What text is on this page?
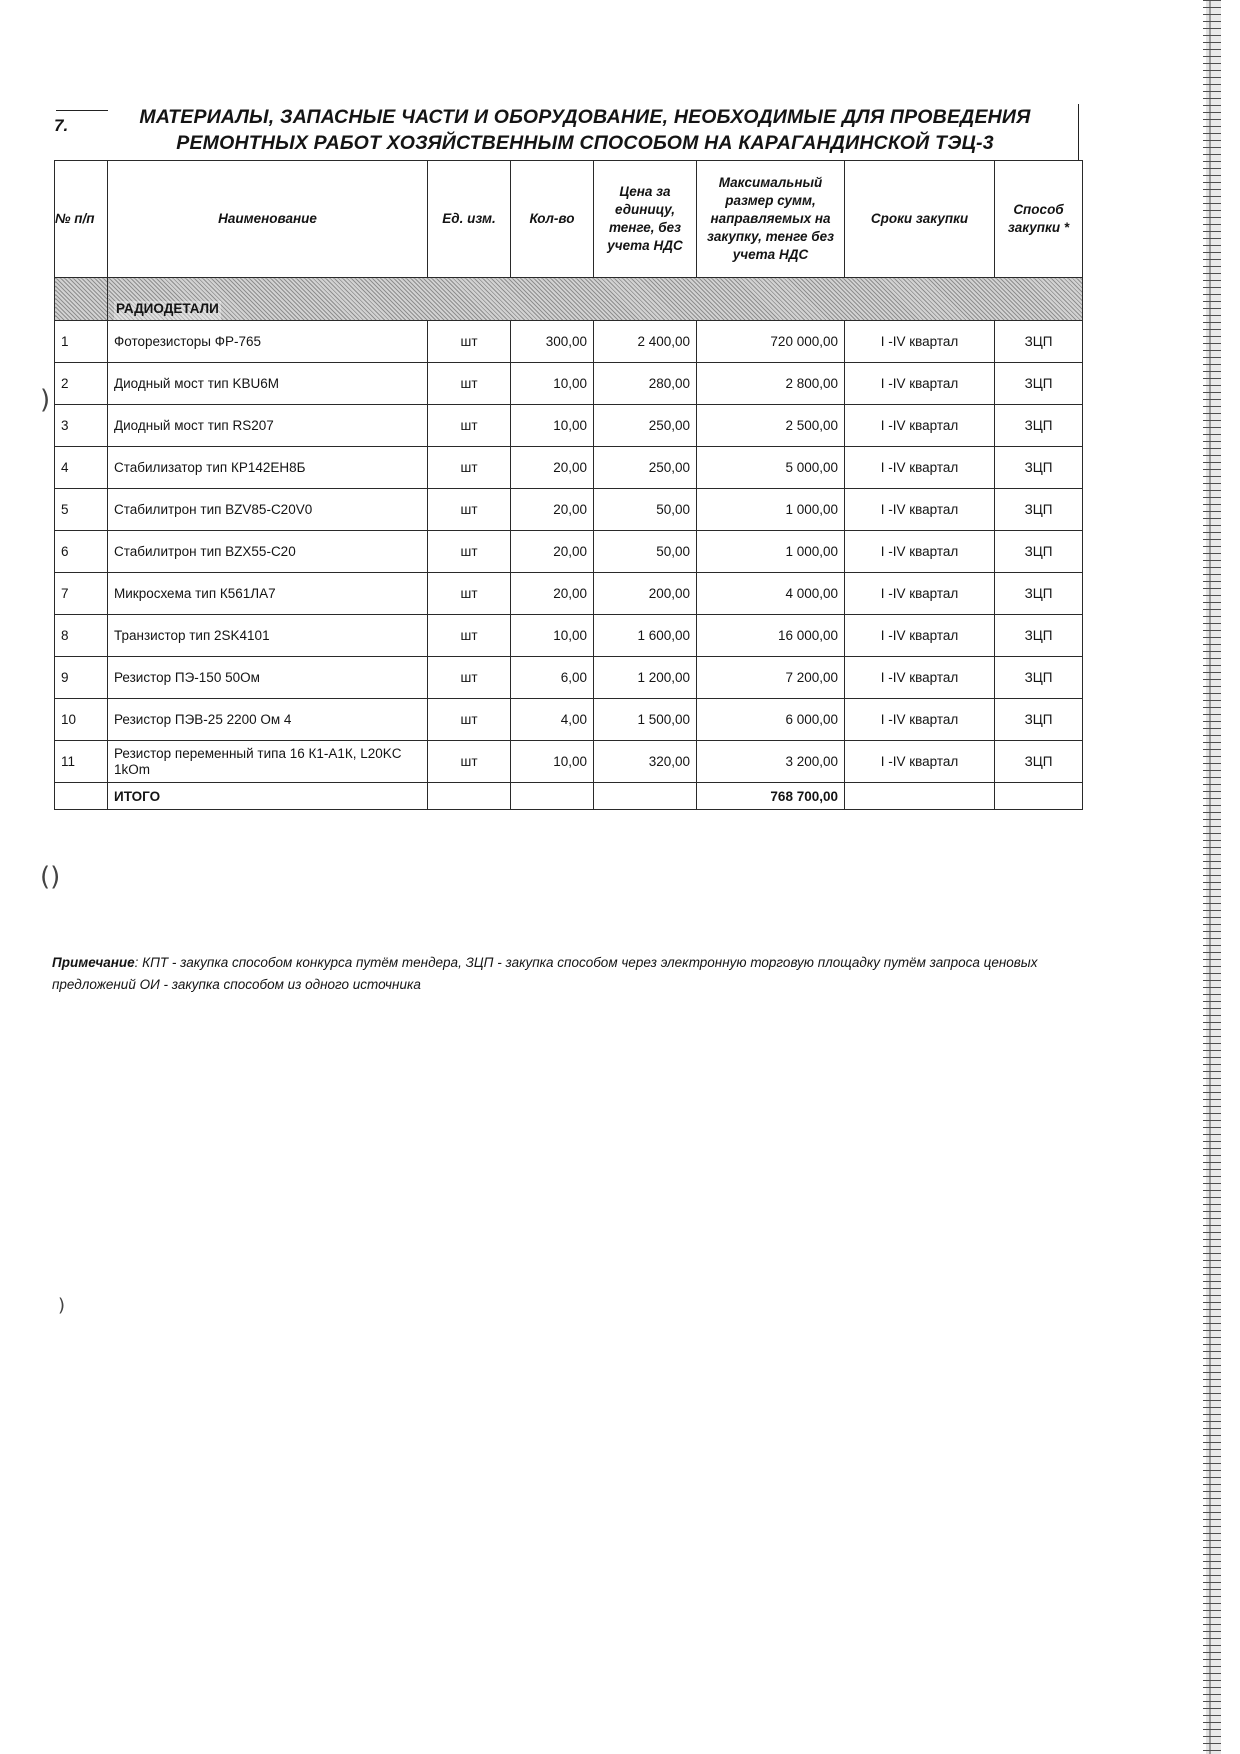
7.	МАТЕРИАЛЫ, ЗАПАСНЫЕ ЧАСТИ И ОБОРУДОВАНИЕ, НЕОБХОДИМЫЕ ДЛЯ ПРОВЕДЕНИЯ
РЕМОНТНЫХ РАБОТ ХОЗЯЙСТВЕННЫМ СПОСОБОМ НА КАРАГАНДИНСКОЙ ТЭЦ-3
№ п/п	Наименование	Ед. изм.	Кол-во	Цена за единицу, тенге, без учета НДС	Максимальный размер сумм, направляемых на закупку, тенге без учета НДС	Сроки закупки	Способ закупки *
	РАДИОДЕТАЛИ						
1	Фоторезисторы ФР-765	шт	300,00	2 400,00	720 000,00	I -IV квартал	ЗЦП
2	Диодный мост тип KBU6M	шт	10,00	280,00	2 800,00	I -IV квартал	ЗЦП
3	Диодный мост тип RS207	шт	10,00	250,00	2 500,00	I -IV квартал	ЗЦП
4	Стабилизатор тип КР142ЕН8Б	шт	20,00	250,00	5 000,00	I -IV квартал	ЗЦП
5	Стабилитрон тип BZV85-C20V0	шт	20,00	50,00	1 000,00	I -IV квартал	ЗЦП
6	Стабилитрон тип BZX55-C20	шт	20,00	50,00	1 000,00	I -IV квартал	ЗЦП
7	Микросхема тип К561ЛА7	шт	20,00	200,00	4 000,00	I -IV квартал	ЗЦП
8	Транзистор тип 2SK4101	шт	10,00	1 600,00	16 000,00	I -IV квартал	ЗЦП
9	Резистор ПЭ-150 50Ом	шт	6,00	1 200,00	7 200,00	I -IV квартал	ЗЦП
10	Резистор ПЭВ-25 2200 Ом 4	шт	4,00	1 500,00	6 000,00	I -IV квартал	ЗЦП
11	Резистор переменный типа 16 К1-А1К, L20KC 1kOm	шт	10,00	320,00	3 200,00	I -IV квартал	ЗЦП
	ИТОГО				768 700,00		
)
()
)
Примечание: КПТ - закупка способом конкурса путём тендера, ЗЦП - закупка способом через электронную торговую площадку путём запроса ценовых предложений ОИ - закупка способом из одного источника
